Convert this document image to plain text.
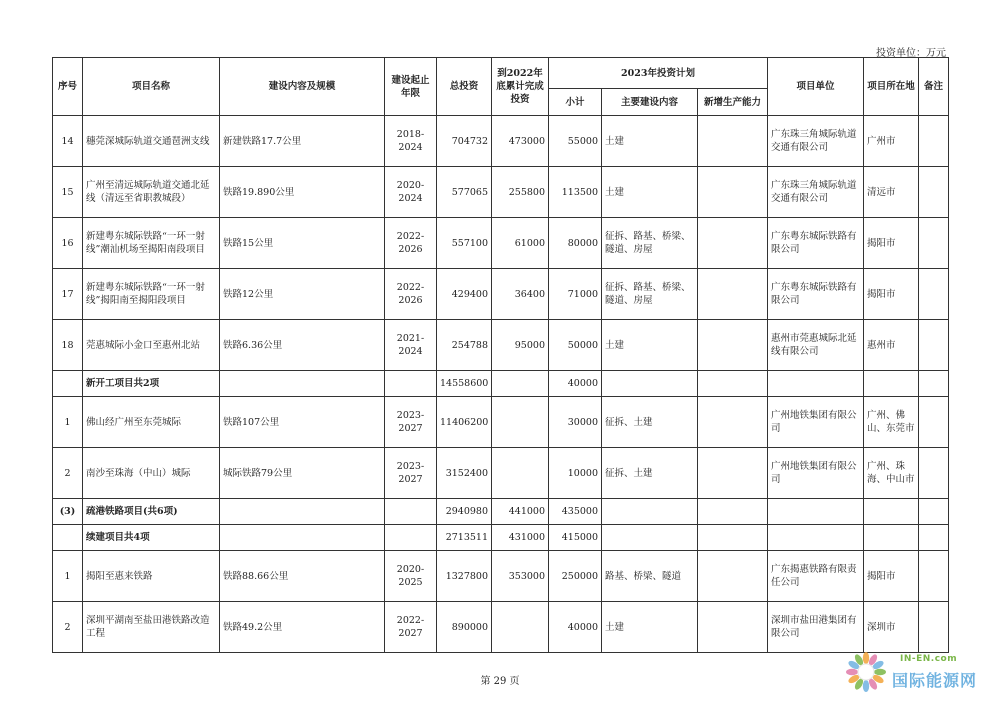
投资单位：万元
序号	项目名称	建设内容及规模	建设起止年限	总投资	到2022年底累计完成投资	2023年投资计划			项目单位	项目所在地	备注
						小计	主要建设内容	新增生产能力			
14	穗莞深城际轨道交通琶洲支线	新建铁路17.7公里	2018-2024	704732	473000	55000	土建		广东珠三角城际轨道交通有限公司	广州市	
15	广州至清远城际轨道交通北延线（清远至省职教城段）	铁路19.890公里	2020-2024	577065	255800	113500	土建		广东珠三角城际轨道交通有限公司	清远市	
16	新建粤东城际铁路“一环一射线”潮汕机场至揭阳南段项目	铁路15公里	2022-2026	557100	61000	80000	征拆、路基、桥梁、隧道、房屋		广东粤东城际铁路有限公司	揭阳市	
17	新建粤东城际铁路“一环一射线”揭阳南至揭阳段项目	铁路12公里	2022-2026	429400	36400	71000	征拆、路基、桥梁、隧道、房屋		广东粤东城际铁路有限公司	揭阳市	
18	莞惠城际小金口至惠州北站	铁路6.36公里	2021-2024	254788	95000	50000	土建		惠州市莞惠城际北延线有限公司	惠州市	
	新开工项目共2项			14558600		40000					
1	佛山经广州至东莞城际	铁路107公里	2023-2027	11406200		30000	征拆、土建		广州地铁集团有限公司	广州、佛山、东莞市	
2	南沙至珠海（中山）城际	城际铁路79公里	2023-2027	3152400		10000	征拆、土建		广州地铁集团有限公司	广州、珠海、中山市	
(3)	疏港铁路项目(共6项)			2940980	441000	435000					
	续建项目共4项			2713511	431000	415000					
1	揭阳至惠来铁路	铁路88.66公里	2020-2025	1327800	353000	250000	路基、桥梁、隧道		广东揭惠铁路有限责任公司	揭阳市	
2	深圳平湖南至盐田港铁路改造工程	铁路49.2公里	2022-2027	890000		40000	土建		深圳市盐田港集团有限公司	深圳市	
第 29 页
IN-EN.com
国际能源网
